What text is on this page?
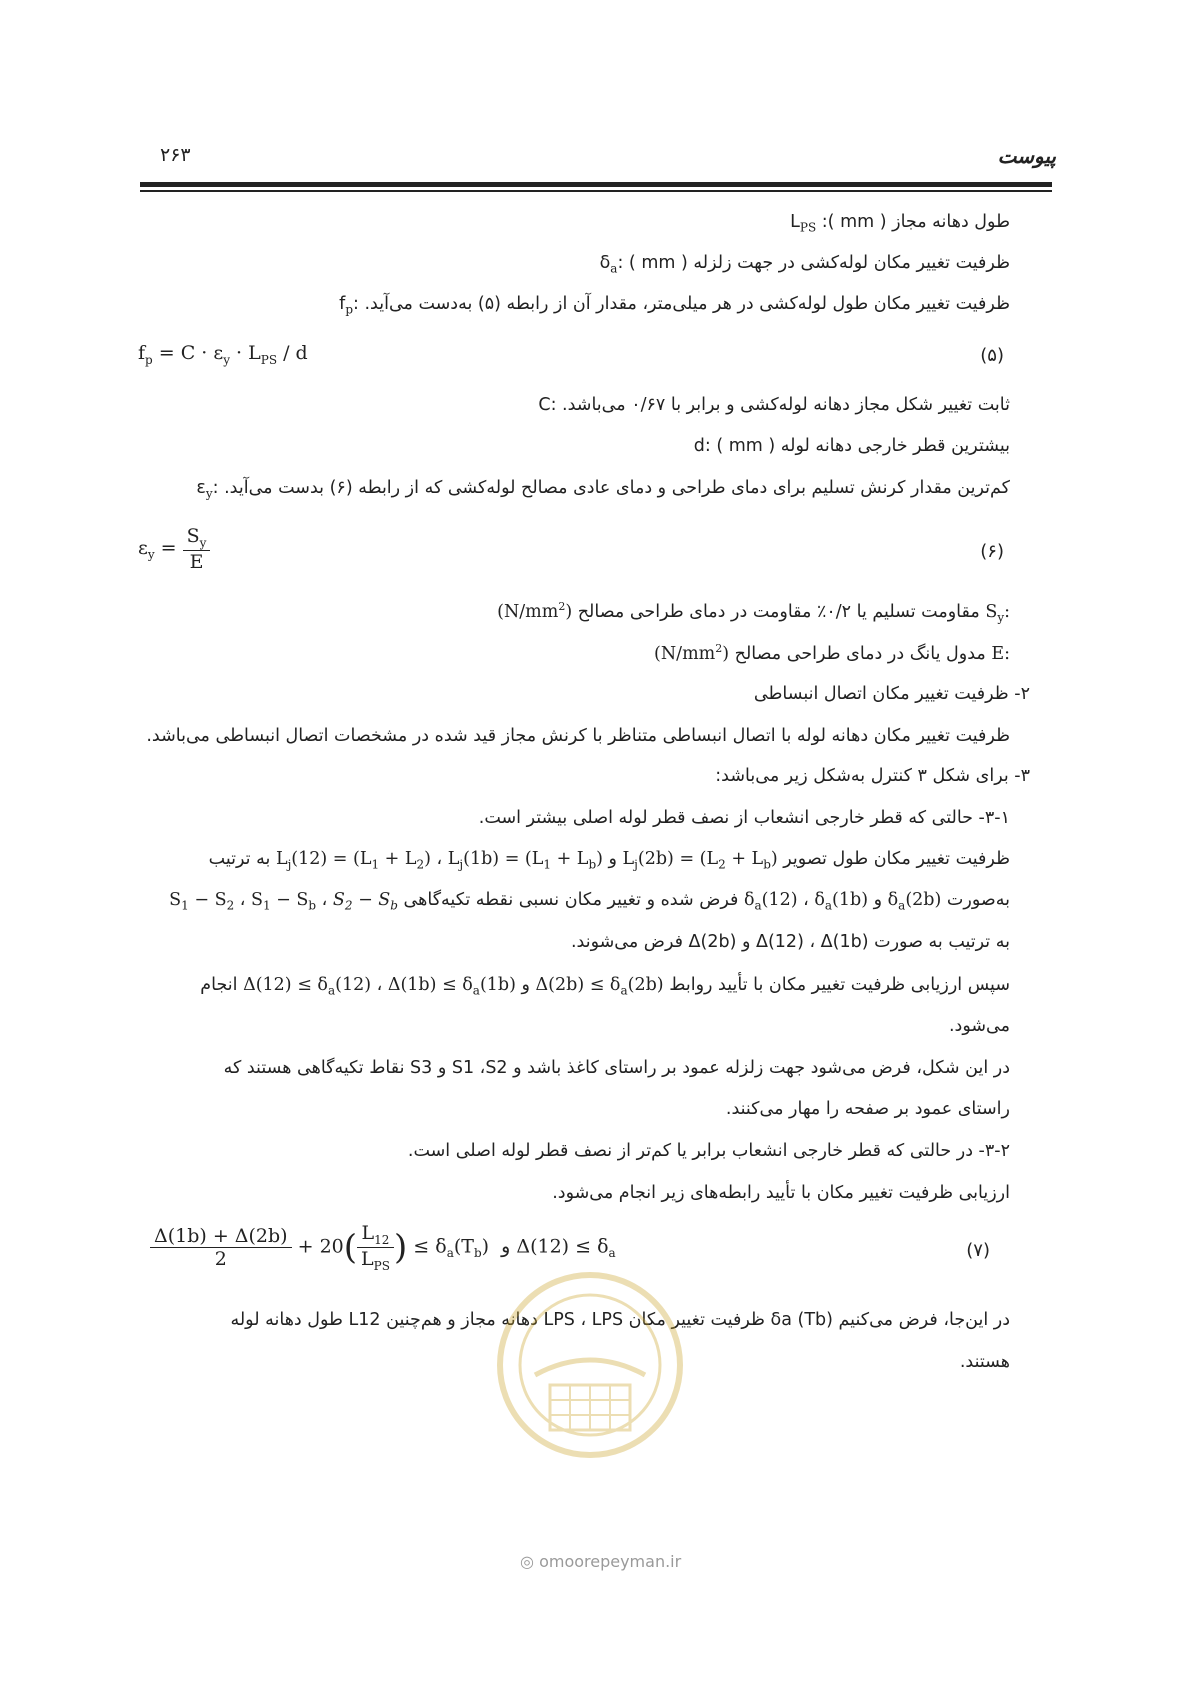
پیوست
۲۶۳
طول دهانه مجاز ( mm ): $L_{PS}$
ظرفیت تغییر مکان لوله‌کشی در جهت زلزله ( mm ) $:\delta_a$
ظرفیت تغییر مکان طول لوله‌کشی در هر میلی‌متر، مقدار آن از رابطه (۵) به‌دست می‌آید. $:f_p$
$f_p = C \cdot \varepsilon_y \cdot L_{PS} / d$	(۵)
ثابت تغییر شکل مجاز دهانه لوله‌کشی و برابر با ۰/۶۷ می‌باشد. :C
بیشترین قطر خارجی دهانه لوله ( mm ) :d
کم‌ترین مقدار کرنش تسلیم برای دمای طراحی و دمای عادی مصالح لوله‌کشی که از رابطه (۶) بدست می‌آید. $:\varepsilon_y$
$\varepsilon_y = \frac{S_y}{E}$	(۶)
$S_y$: مقاومت تسلیم یا ۰/۲٪ مقاومت در دمای طراحی مصالح $(N/mm^2)$
E: مدول یانگ در دمای طراحی مصالح $(N/mm^2)$
۲- ظرفیت تغییر مکان اتصال انبساطی
ظرفیت تغییر مکان دهانه لوله با اتصال انبساطی متناظر با کرنش مجاز قید شده در مشخصات اتصال انبساطی می‌باشد.
۳- برای شکل ۳ کنترل به‌شکل زیر می‌باشد:
۳-۱- حالتی که قطر خارجی انشعاب از نصف قطر لوله اصلی بیشتر است.
ظرفیت تغییر مکان طول تصویر $L_j(12) = (L_1 + L_2)$ ، $L_j(1b) = (L_1 + L_b)$ و $L_j(2b) = (L_2 + L_b)$ به ترتیب
به‌صورت $\delta_a(12)$ ، $\delta_a(1b)$ و $\delta_a(2b)$ فرض شده و تغییر مکان نسبی نقطه تکیه‌گاهی $S_1 - S_2$ ، $S_1 - S_b$ ، $S_2 - S_b$
به ترتیب به صورت Δ(12) ، Δ(1b) و Δ(2b) فرض می‌شوند.
سپس ارزیابی ظرفیت تغییر مکان با تأیید روابط $\Delta(12) \le \delta_a(12)$ ، $\Delta(1b) \le \delta_a(1b)$ و $\Delta(2b) \le \delta_a(2b)$ انجام
می‌شود.
در این شکل، فرض می‌شود جهت زلزله عمود بر راستای کاغذ باشد و S1 ،S2 و S3 نقاط تکیه‌گاهی هستند که
راستای عمود بر صفحه را مهار می‌کنند.
۳-۲- در حالتی که قطر خارجی انشعاب برابر یا کم‌تر از نصف قطر لوله اصلی است.
ارزیابی ظرفیت تغییر مکان با تأیید رابطه‌های زیر انجام می‌شود.
$\frac{\Delta(1b) + \Delta(2b)}{2} + 20( \frac{L_{12}}{L_{PS}}$ ) ≤ $\delta_a(T_b)$  و $\Delta(12) \le \delta_a$	(۷)
در این‌جا، فرض می‌کنیم δa (Tb) ظرفیت تغییر مکان LPS ، LPS دهانه مجاز و هم‌چنین L12 طول دهانه لوله
هستند.
◎ omoorepeyman.ir
